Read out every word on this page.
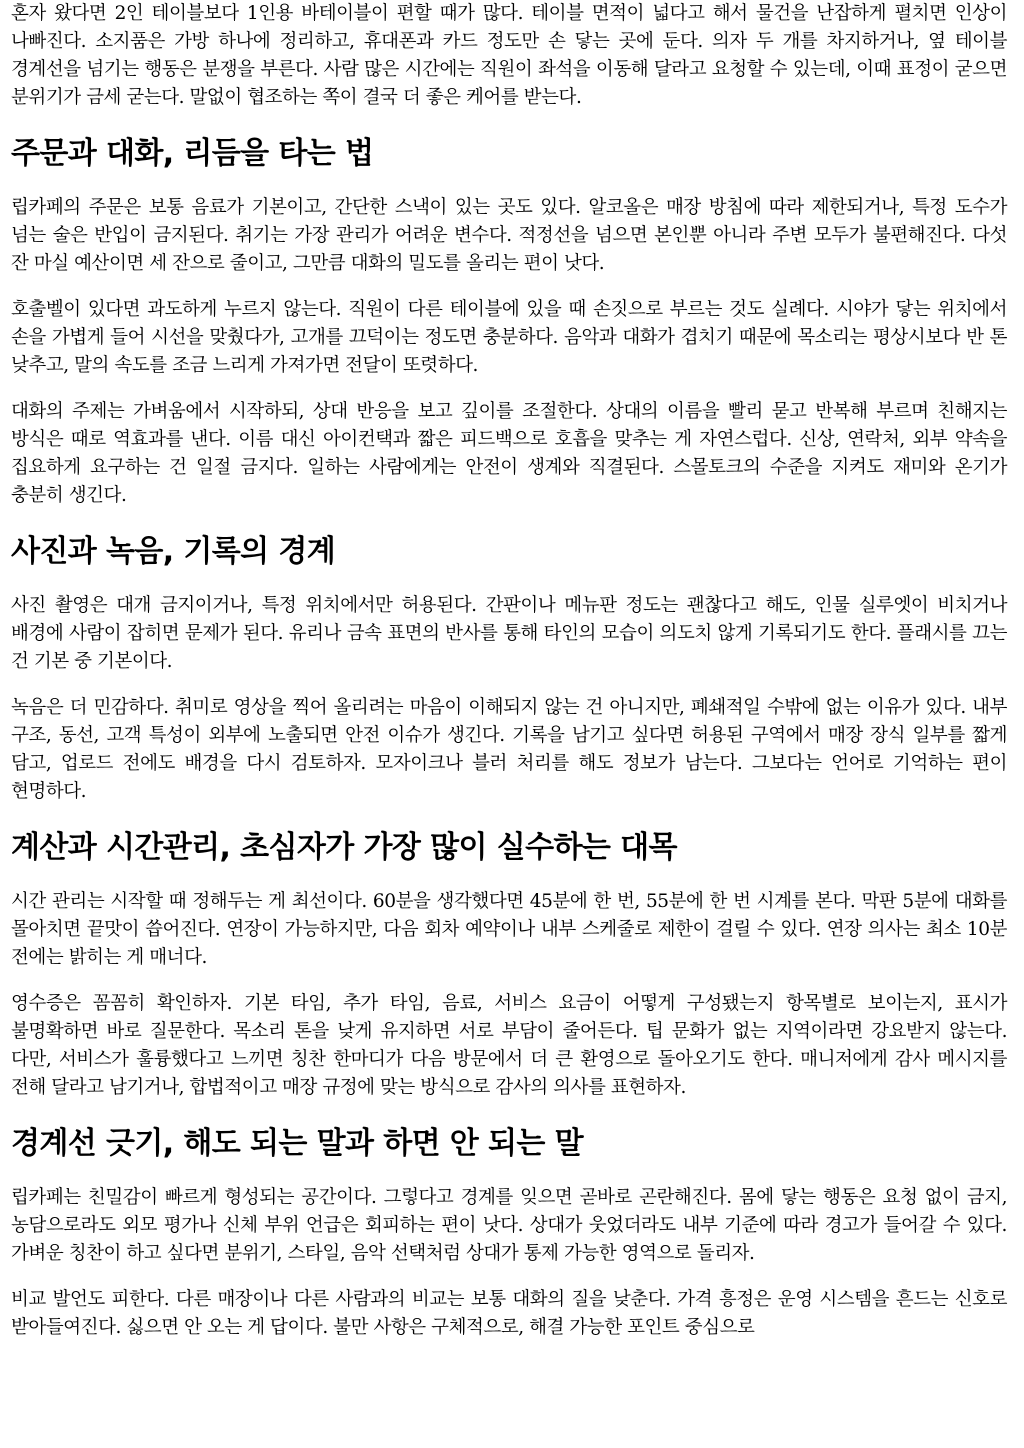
혼자 왔다면 2인 테이블보다 1인용 바테이블이 편할 때가 많다. 테이블 면적이 넓다고 해서 물건을 난잡하게 펼치면 인상이 나빠진다. 소지품은 가방 하나에 정리하고, 휴대폰과 카드 정도만 손 닿는 곳에 둔다. 의자 두 개를 차지하거나, 옆 테이블 경계선을 넘기는 행동은 분쟁을 부른다. 사람 많은 시간에는 직원이 좌석을 이동해 달라고 요청할 수 있는데, 이때 표정이 굳으면 분위기가 금세 굳는다. 말없이 협조하는 쪽이 결국 더 좋은 케어를 받는다.

주문과 대화, 리듬을 타는 법

립카페의 주문은 보통 음료가 기본이고, 간단한 스낵이 있는 곳도 있다. 알코올은 매장 방침에 따라 제한되거나, 특정 도수가 넘는 술은 반입이 금지된다. 취기는 가장 관리가 어려운 변수다. 적정선을 넘으면 본인뿐 아니라 주변 모두가 불편해진다. 다섯 잔 마실 예산이면 세 잔으로 줄이고, 그만큼 대화의 밀도를 올리는 편이 낫다.

호출벨이 있다면 과도하게 누르지 않는다. 직원이 다른 테이블에 있을 때 손짓으로 부르는 것도 실례다. 시야가 닿는 위치에서 손을 가볍게 들어 시선을 맞췄다가, 고개를 끄덕이는 정도면 충분하다. 음악과 대화가 겹치기 때문에 목소리는 평상시보다 반 톤 낮추고, 말의 속도를 조금 느리게 가져가면 전달이 또렷하다.

대화의 주제는 가벼움에서 시작하되, 상대 반응을 보고 깊이를 조절한다. 상대의 이름을 빨리 묻고 반복해 부르며 친해지는 방식은 때로 역효과를 낸다. 이름 대신 아이컨택과 짧은 피드백으로 호흡을 맞추는 게 자연스럽다. 신상, 연락처, 외부 약속을 집요하게 요구하는 건 일절 금지다. 일하는 사람에게는 안전이 생계와 직결된다. 스몰토크의 수준을 지켜도 재미와 온기가 충분히 생긴다.

사진과 녹음, 기록의 경계

사진 촬영은 대개 금지이거나, 특정 위치에서만 허용된다. 간판이나 메뉴판 정도는 괜찮다고 해도, 인물 실루엣이 비치거나 배경에 사람이 잡히면 문제가 된다. 유리나 금속 표면의 반사를 통해 타인의 모습이 의도치 않게 기록되기도 한다. 플래시를 끄는 건 기본 중 기본이다.

녹음은 더 민감하다. 취미로 영상을 찍어 올리려는 마음이 이해되지 않는 건 아니지만, 폐쇄적일 수밖에 없는 이유가 있다. 내부 구조, 동선, 고객 특성이 외부에 노출되면 안전 이슈가 생긴다. 기록을 남기고 싶다면 허용된 구역에서 매장 장식 일부를 짧게 담고, 업로드 전에도 배경을 다시 검토하자. 모자이크나 블러 처리를 해도 정보가 남는다. 그보다는 언어로 기억하는 편이 현명하다.

계산과 시간관리, 초심자가 가장 많이 실수하는 대목

시간 관리는 시작할 때 정해두는 게 최선이다. 60분을 생각했다면 45분에 한 번, 55분에 한 번 시계를 본다. 막판 5분에 대화를 몰아치면 끝맛이 씁어진다. 연장이 가능하지만, 다음 회차 예약이나 내부 스케줄로 제한이 걸릴 수 있다. 연장 의사는 최소 10분 전에는 밝히는 게 매너다.

영수증은 꼼꼼히 확인하자. 기본 타임, 추가 타임, 음료, 서비스 요금이 어떻게 구성됐는지 항목별로 보이는지, 표시가 불명확하면 바로 질문한다. 목소리 톤을 낮게 유지하면 서로 부담이 줄어든다. 팁 문화가 없는 지역이라면 강요받지 않는다. 다만, 서비스가 훌륭했다고 느끼면 칭찬 한마디가 다음 방문에서 더 큰 환영으로 돌아오기도 한다. 매니저에게 감사 메시지를 전해 달라고 남기거나, 합법적이고 매장 규정에 맞는 방식으로 감사의 의사를 표현하자.

경계선 긋기, 해도 되는 말과 하면 안 되는 말

립카페는 친밀감이 빠르게 형성되는 공간이다. 그렇다고 경계를 잊으면 곧바로 곤란해진다. 몸에 닿는 행동은 요청 없이 금지, 농담으로라도 외모 평가나 신체 부위 언급은 회피하는 편이 낫다. 상대가 웃었더라도 내부 기준에 따라 경고가 들어갈 수 있다. 가벼운 칭찬이 하고 싶다면 분위기, 스타일, 음악 선택처럼 상대가 통제 가능한 영역으로 돌리자.

비교 발언도 피한다. 다른 매장이나 다른 사람과의 비교는 보통 대화의 질을 낮춘다. 가격 흥정은 운영 시스템을 흔드는 신호로 받아들여진다. 싫으면 안 오는 게 답이다. 불만 사항은 구체적으로, 해결 가능한 포인트 중심으로
